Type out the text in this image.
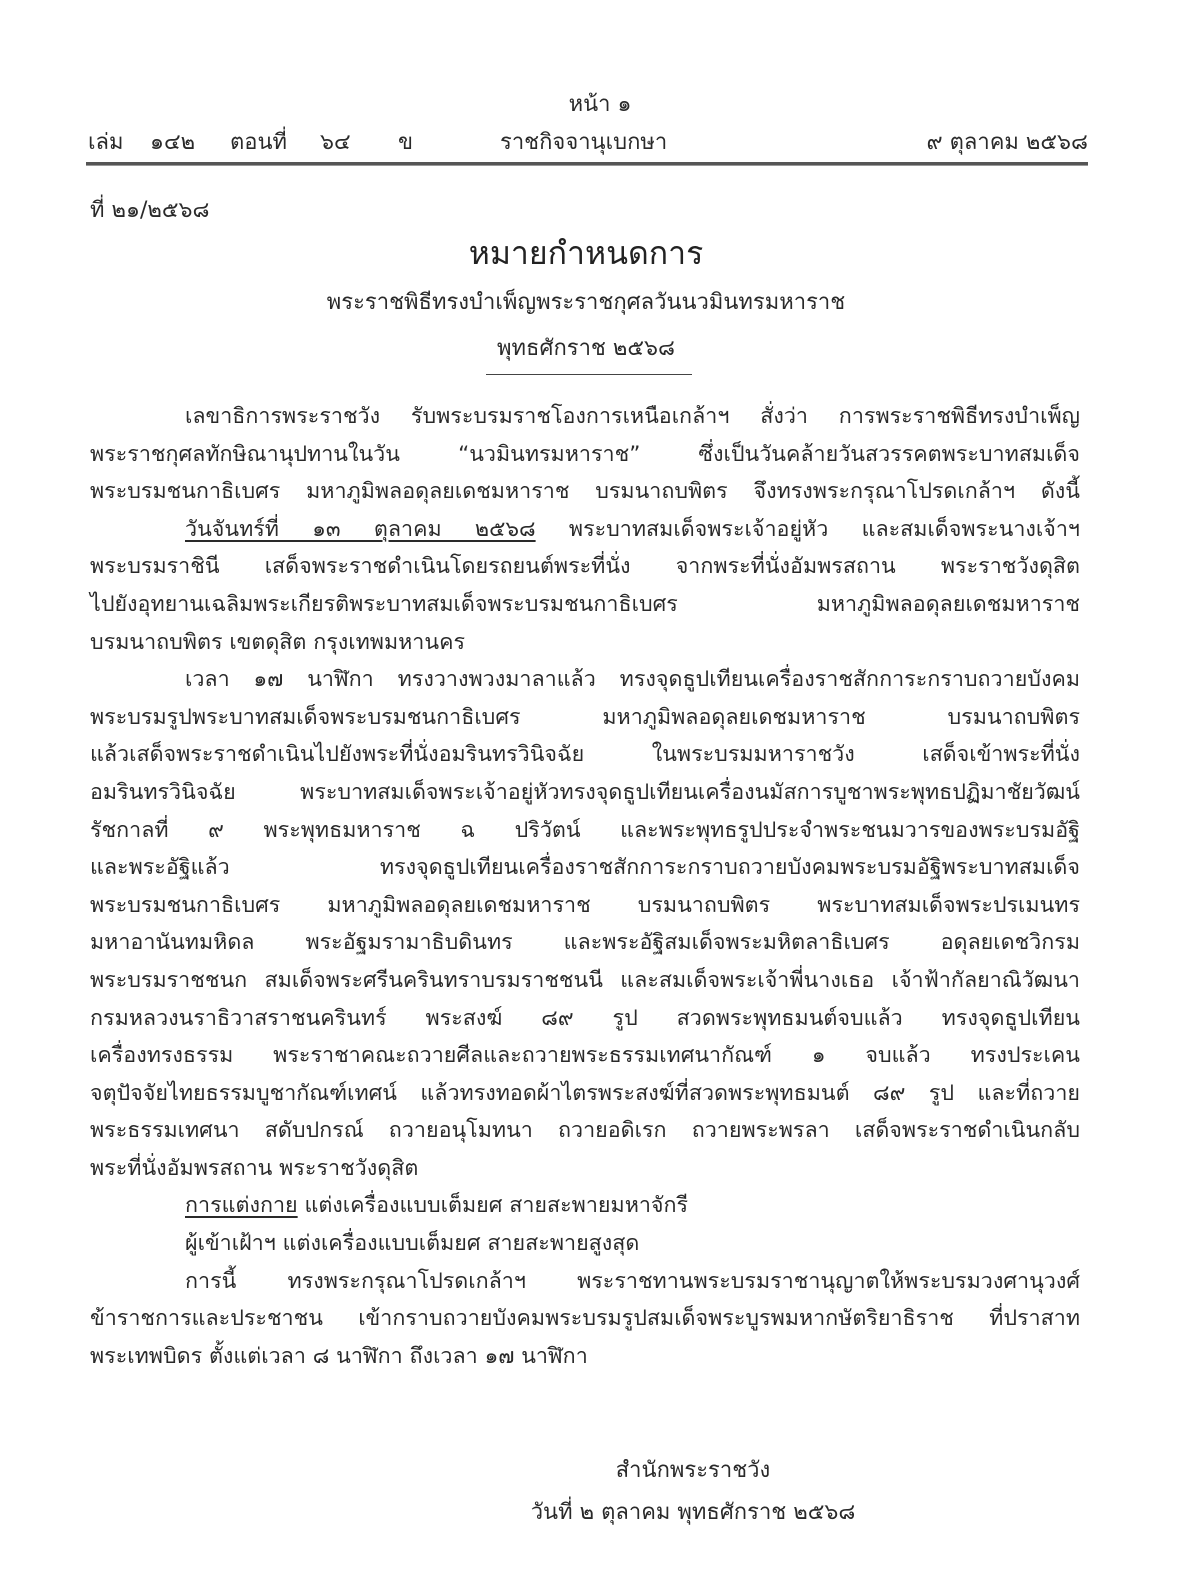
หน้า ๑
เล่ม ๑๔๒ ตอนที่ ๖๔ ข	ราชกิจจานุเบกษา	๙ ตุลาคม ๒๕๖๘
ที่ ๒๑/๒๕๖๘
หมายกำหนดการ
พระราชพิธีทรงบำเพ็ญพระราชกุศลวันนวมินทรมหาราช
พุทธศักราช ๒๕๖๘
เลขาธิการพระราชวัง รับพระบรมราชโองการเหนือเกล้าฯ สั่งว่า การพระราชพิธีทรงบำเพ็ญ
พระราชกุศลทักษิณานุปทานในวัน “นวมินทรมหาราช” ซึ่งเป็นวันคล้ายวันสวรรคตพระบาทสมเด็จ
พระบรมชนกาธิเบศร มหาภูมิพลอดุลยเดชมหาราช บรมนาถบพิตร จึงทรงพระกรุณาโปรดเกล้าฯ ดังนี้
วันจันทร์ที่ ๑๓ ตุลาคม ๒๕๖๘ พระบาทสมเด็จพระเจ้าอยู่หัว และสมเด็จพระนางเจ้าฯ
พระบรมราชินี เสด็จพระราชดำเนินโดยรถยนต์พระที่นั่ง จากพระที่นั่งอัมพรสถาน พระราชวังดุสิต
ไปยังอุทยานเฉลิมพระเกียรติพระบาทสมเด็จพระบรมชนกาธิเบศร มหาภูมิพลอดุลยเดชมหาราช
บรมนาถบพิตร เขตดุสิต กรุงเทพมหานคร
เวลา ๑๗ นาฬิกา ทรงวางพวงมาลาแล้ว ทรงจุดธูปเทียนเครื่องราชสักการะกราบถวายบังคม
พระบรมรูปพระบาทสมเด็จพระบรมชนกาธิเบศร มหาภูมิพลอดุลยเดชมหาราช บรมนาถบพิตร
แล้วเสด็จพระราชดำเนินไปยังพระที่นั่งอมรินทรวินิจฉัย ในพระบรมมหาราชวัง เสด็จเข้าพระที่นั่ง
อมรินทรวินิจฉัย พระบาทสมเด็จพระเจ้าอยู่หัวทรงจุดธูปเทียนเครื่องนมัสการบูชาพระพุทธปฏิมาชัยวัฒน์
รัชกาลที่ ๙ พระพุทธมหาราช ฉ ปริวัตน์ และพระพุทธรูปประจำพระชนมวารของพระบรมอัฐิ
และพระอัฐิแล้ว ทรงจุดธูปเทียนเครื่องราชสักการะกราบถวายบังคมพระบรมอัฐิพระบาทสมเด็จ
พระบรมชนกาธิเบศร มหาภูมิพลอดุลยเดชมหาราช บรมนาถบพิตร พระบาทสมเด็จพระปรเมนทร
มหาอานันทมหิดล พระอัฐมรามาธิบดินทร และพระอัฐิสมเด็จพระมหิตลาธิเบศร อดุลยเดชวิกรม
พระบรมราชชนก สมเด็จพระศรีนครินทราบรมราชชนนี และสมเด็จพระเจ้าพี่นางเธอ เจ้าฟ้ากัลยาณิวัฒนา
กรมหลวงนราธิวาสราชนครินทร์ พระสงฆ์ ๘๙ รูป สวดพระพุทธมนต์จบแล้ว ทรงจุดธูปเทียน
เครื่องทรงธรรม พระราชาคณะถวายศีลและถวายพระธรรมเทศนากัณฑ์ ๑ จบแล้ว ทรงประเคน
จตุปัจจัยไทยธรรมบูชากัณฑ์เทศน์ แล้วทรงทอดผ้าไตรพระสงฆ์ที่สวดพระพุทธมนต์ ๘๙ รูป และที่ถวาย
พระธรรมเทศนา สดับปกรณ์ ถวายอนุโมทนา ถวายอดิเรก ถวายพระพรลา เสด็จพระราชดำเนินกลับ
พระที่นั่งอัมพรสถาน พระราชวังดุสิต
การแต่งกาย แต่งเครื่องแบบเต็มยศ สายสะพายมหาจักรี
ผู้เข้าเฝ้าฯ แต่งเครื่องแบบเต็มยศ สายสะพายสูงสุด
การนี้ ทรงพระกรุณาโปรดเกล้าฯ พระราชทานพระบรมราชานุญาตให้พระบรมวงศานุวงศ์
ข้าราชการและประชาชน เข้ากราบถวายบังคมพระบรมรูปสมเด็จพระบูรพมหากษัตริยาธิราช ที่ปราสาท
พระเทพบิดร ตั้งแต่เวลา ๘ นาฬิกา ถึงเวลา ๑๗ นาฬิกา
สำนักพระราชวัง
วันที่ ๒ ตุลาคม พุทธศักราช ๒๕๖๘
